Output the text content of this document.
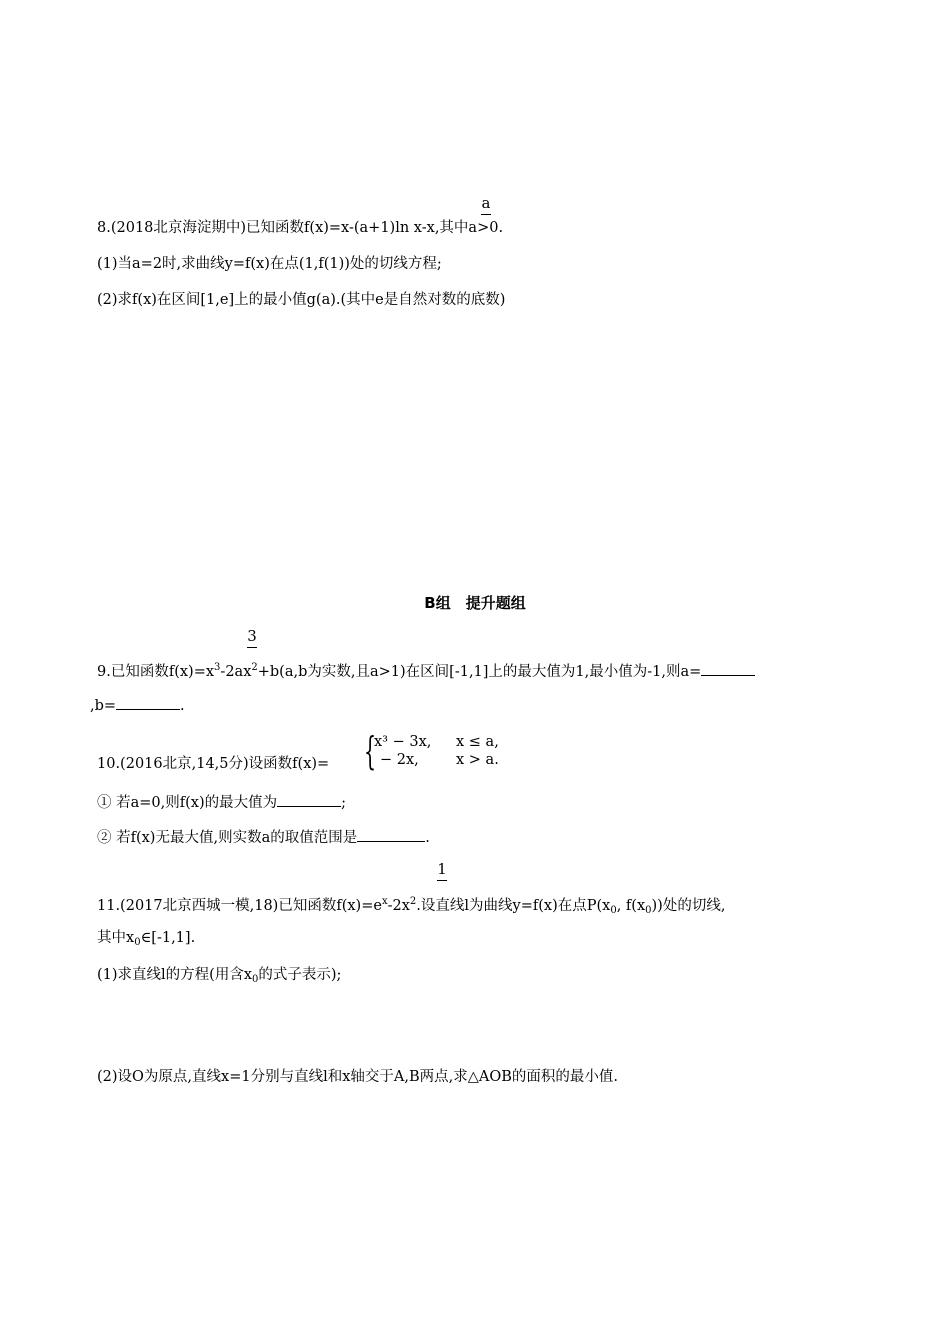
a
8.(2018北京海淀期中)已知函数f(x)=x-(a+1)ln x-x,其中a>0.
(1)当a=2时,求曲线y=f(x)在点(1,f(1))处的切线方程;
(2)求f(x)在区间[1,e]上的最小值g(a).(其中e是自然对数的底数)
B组　提升题组
3
9.已知函数$f(x)=x^3-2ax^2+b(a,b$为实数,且a>1)在区间[-1,1]上的最大值为1,最小值为-1,则a=
,b=	.
10.(2016北京,14,5分)设函数f(x)= {
x³ − 3x, x ≤ a,
− 2x,	x > a.
① 若a=0,则f(x)的最大值为	;
② 若f(x)无最大值,则实数a的取值范围是	.
1
11.(2017北京西城一模,18)已知函数$f(x)=e^x-2x^2$.设直线l为曲线y=f(x)在点$P(x_0$, $f(x_0)$)处的切线,
其中$x_0\in[-1,1]$.
(1)求直线l的方程(用含$x_0$的式子表示);
(2)设O为原点,直线x=1分别与直线l和x轴交于A,B两点,求△AOB的面积的最小值.
